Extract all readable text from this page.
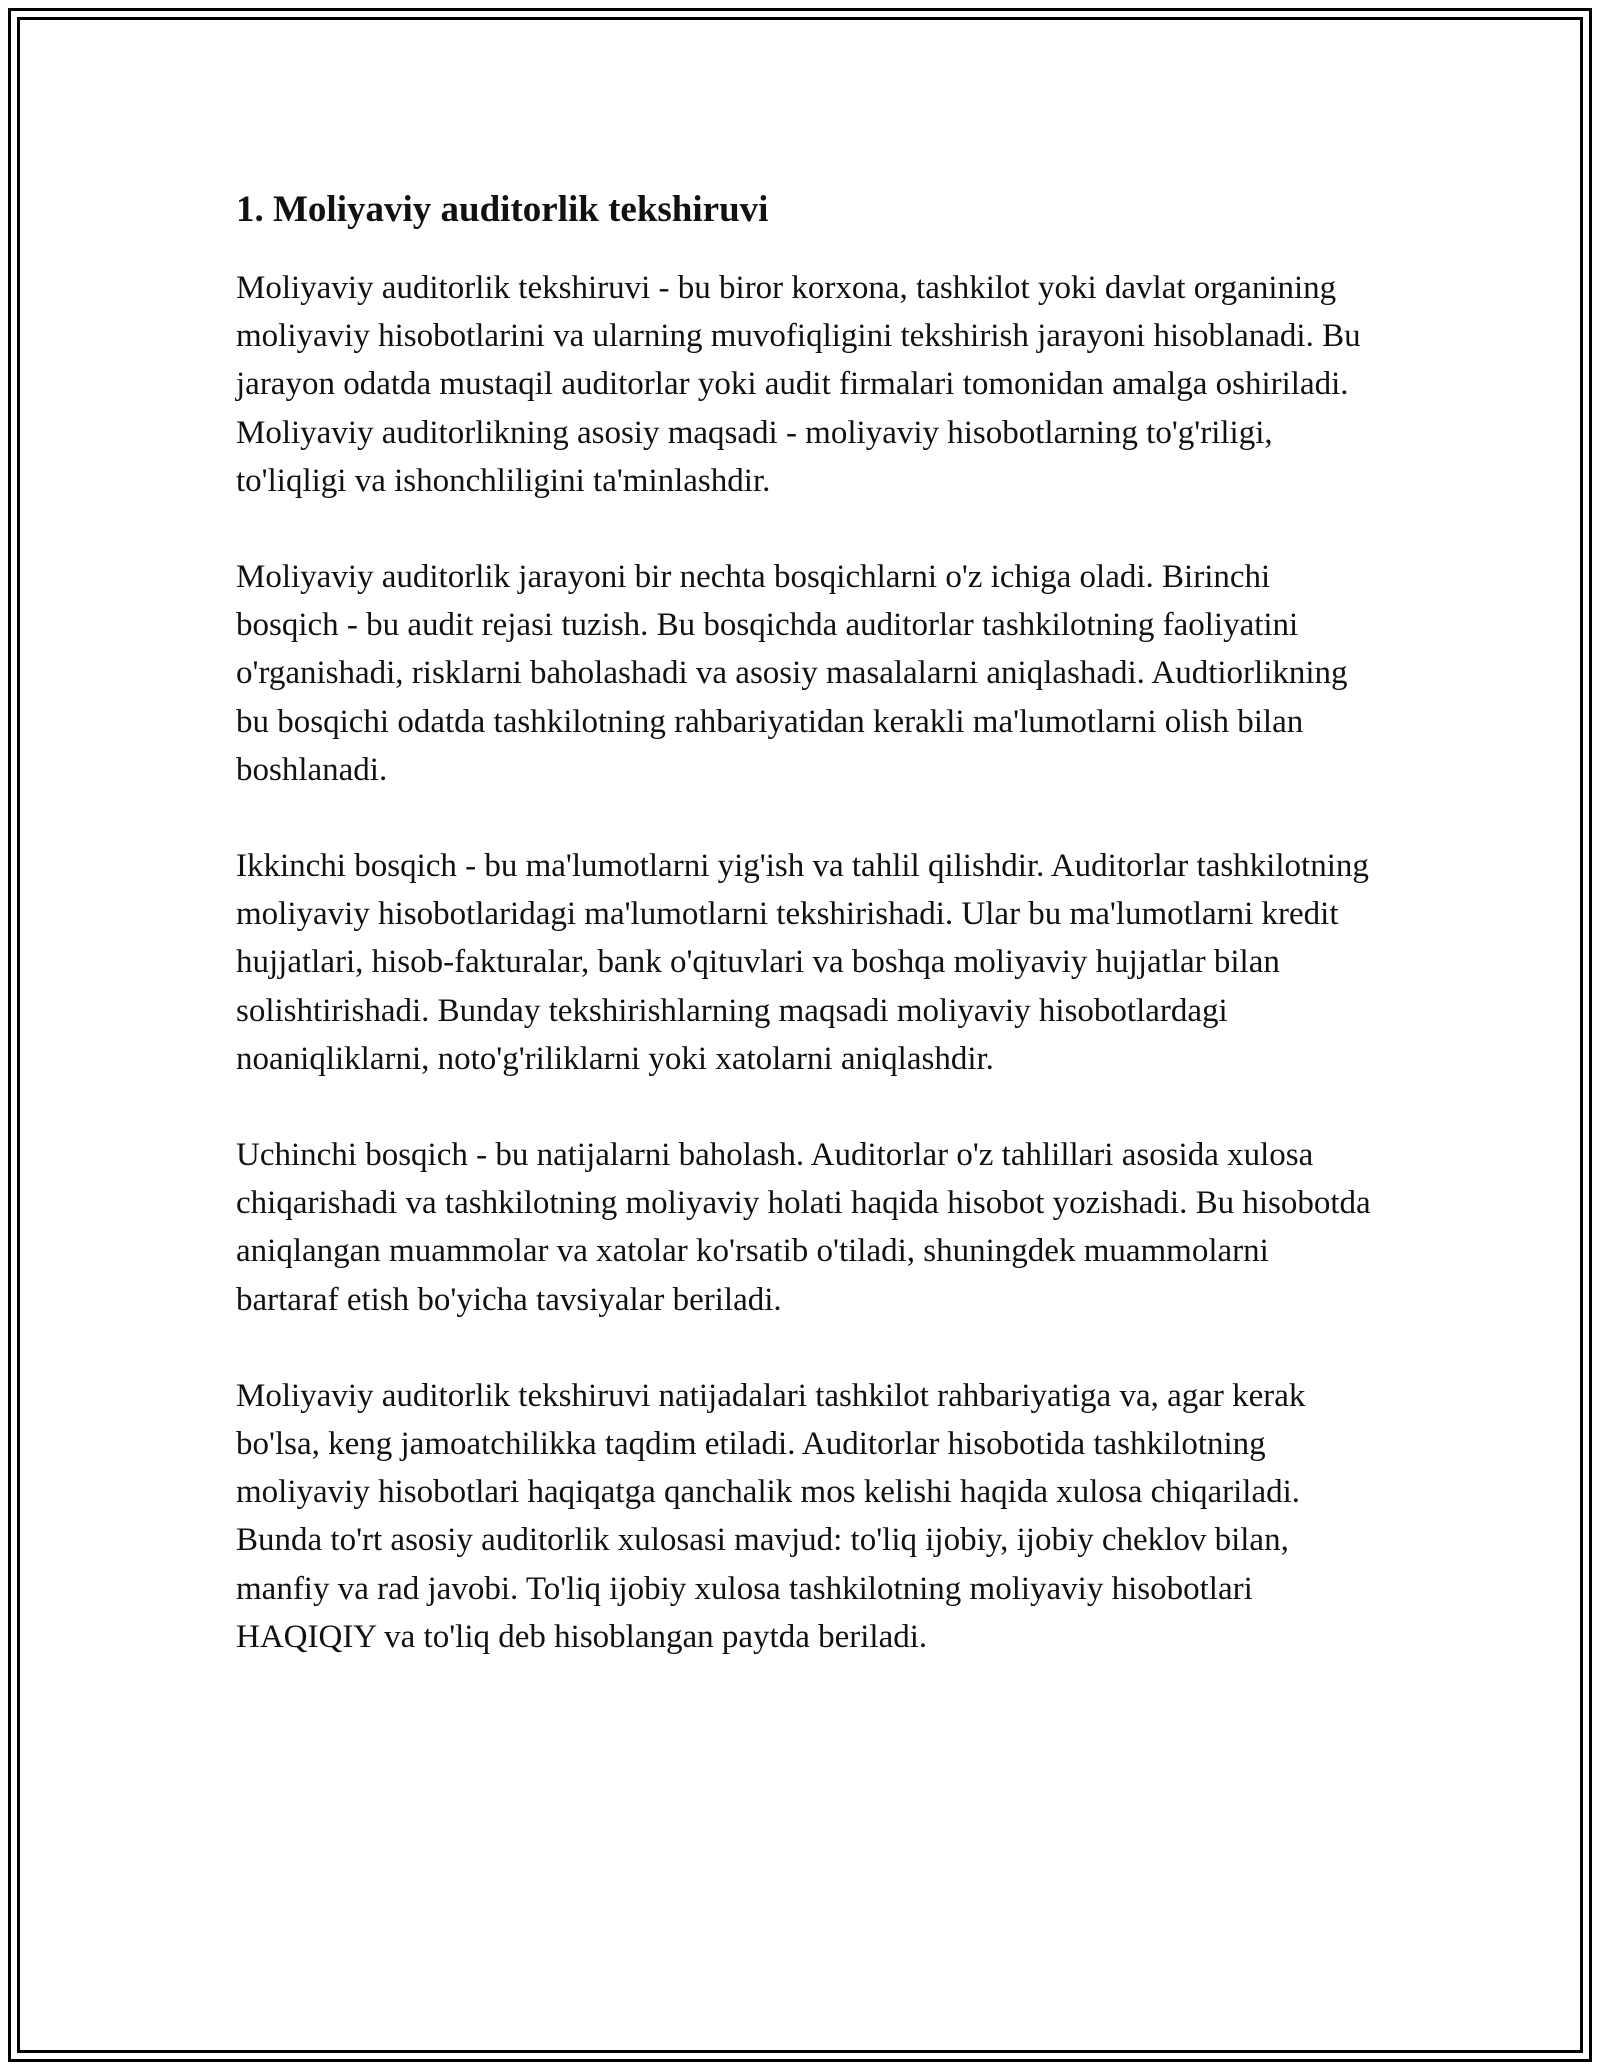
1. Moliyaviy auditorlik tekshiruvi

Moliyaviy auditorlik tekshiruvi - bu biror korxona, tashkilot yoki davlat organining moliyaviy hisobotlarini va ularning muvofiqligini tekshirish jarayoni hisoblanadi. Bu jarayon odatda mustaqil auditorlar yoki audit firmalari tomonidan amalga oshiriladi. Moliyaviy auditorlikning asosiy maqsadi - moliyaviy hisobotlarning to'g'riligi, to'liqligi va ishonchliligini ta'minlashdir.

Moliyaviy auditorlik jarayoni bir nechta bosqichlarni o'z ichiga oladi. Birinchi bosqich - bu audit rejasi tuzish. Bu bosqichda auditorlar tashkilotning faoliyatini o'rganishadi, risklarni baholashadi va asosiy masalalarni aniqlashadi. Audtiorlikning bu bosqichi odatda tashkilotning rahbariyatidan kerakli ma'lumotlarni olish bilan boshlanadi.

Ikkinchi bosqich - bu ma'lumotlarni yig'ish va tahlil qilishdir. Auditorlar tashkilotning moliyaviy hisobotlaridagi ma'lumotlarni tekshirishadi. Ular bu ma'lumotlarni kredit hujjatlari, hisob-fakturalar, bank o'qituvlari va boshqa moliyaviy hujjatlar bilan solishtirishadi. Bunday tekshirishlarning maqsadi moliyaviy hisobotlardagi noaniqliklarni, noto'g'riliklarni yoki xatolarni aniqlashdir.

Uchinchi bosqich - bu natijalarni baholash. Auditorlar o'z tahlillari asosida xulosa chiqarishadi va tashkilotning moliyaviy holati haqida hisobot yozishadi. Bu hisobotda aniqlangan muammolar va xatolar ko'rsatib o'tiladi, shuningdek muammolarni bartaraf etish bo'yicha tavsiyalar beriladi.

Moliyaviy auditorlik tekshiruvi natijadalari tashkilot rahbariyatiga va, agar kerak bo'lsa, keng jamoatchilikka taqdim etiladi. Auditorlar hisobotida tashkilotning moliyaviy hisobotlari haqiqatga qanchalik mos kelishi haqida xulosa chiqariladi. Bunda to'rt asosiy auditorlik xulosasi mavjud: to'liq ijobiy, ijobiy cheklov bilan, manfiy va rad javobi. To'liq ijobiy xulosa tashkilotning moliyaviy hisobotlari HAQIQIY va to'liq deb hisoblangan paytda beriladi.
